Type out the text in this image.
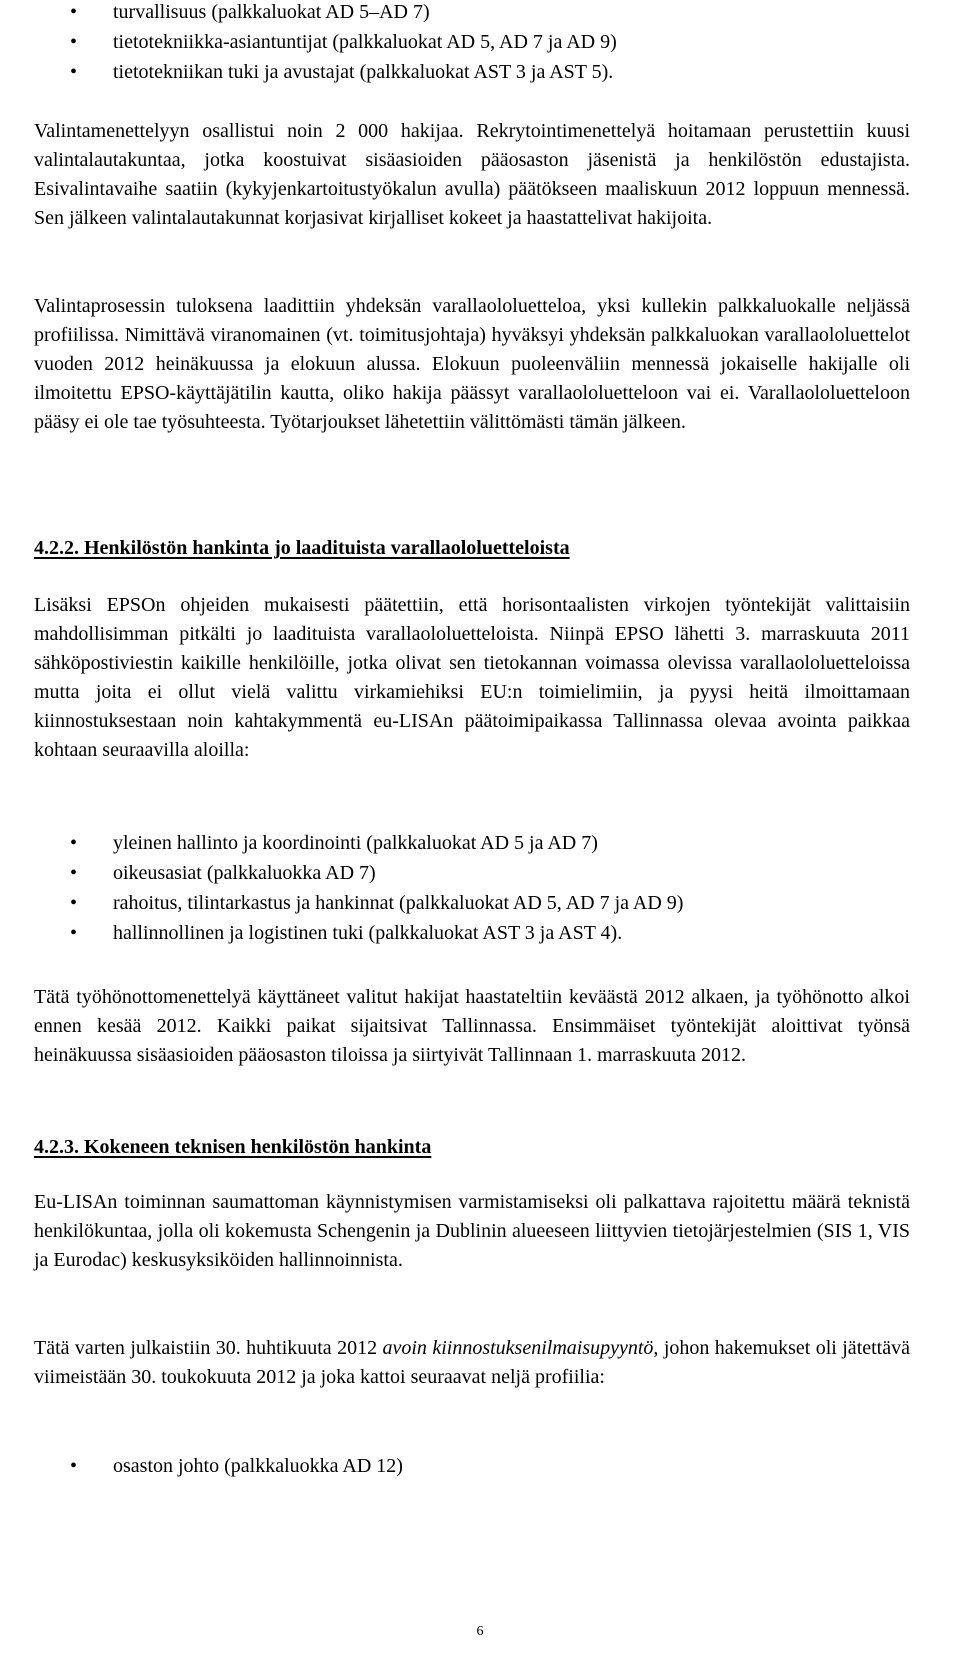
• turvallisuus (palkkaluokat AD 5–AD 7)
• tietotekniikka-asiantuntijat (palkkaluokat AD 5, AD 7 ja AD 9)
• tietotekniikan tuki ja avustajat (palkkaluokat AST 3 ja AST 5).

Valintamenettelyyn osallistui noin 2 000 hakijaa. Rekrytointimenettelyä hoitamaan perustettiin kuusi valintalautakuntaa, jotka koostuivat sisäasioiden pääosaston jäsenistä ja henkilöstön edustajista. Esivalintavaihe saatiin (kykyjenkartoitustyökalun avulla) päätökseen maaliskuun 2012 loppuun mennessä. Sen jälkeen valintalautakunnat korjasivat kirjalliset kokeet ja haastattelivat hakijoita.

Valintaprosessin tuloksena laadittiin yhdeksän varallaololuetteloa, yksi kullekin palkkaluokalle neljässä profiilissa. Nimittävä viranomainen (vt. toimitusjohtaja) hyväksyi yhdeksän palkkaluokan varallaololuettelot vuoden 2012 heinäkuussa ja elokuun alussa. Elokuun puoleenväliin mennessä jokaiselle hakijalle oli ilmoitettu EPSO-käyttäjätilin kautta, oliko hakija päässyt varallaololuetteloon vai ei. Varallaololuetteloon pääsy ei ole tae työsuhteesta. Työtarjoukset lähetettiin välittömästi tämän jälkeen.

4.2.2. Henkilöstön hankinta jo laadituista varallaololuetteloista

Lisäksi EPSOn ohjeiden mukaisesti päätettiin, että horisontaalisten virkojen työntekijät valittaisiin mahdollisimman pitkälti jo laadituista varallaololuetteloista. Niinpä EPSO lähetti 3. marraskuuta 2011 sähköpostiviestin kaikille henkilöille, jotka olivat sen tietokannan voimassa olevissa varallaololuetteloissa mutta joita ei ollut vielä valittu virkamiehiksi EU:n toimielimiin, ja pyysi heitä ilmoittamaan kiinnostuksestaan noin kahtakymmentä eu-LISAn päätoimipaikassa Tallinnassa olevaa avointa paikkaa kohtaan seuraavilla aloilla:

• yleinen hallinto ja koordinointi (palkkaluokat AD 5 ja AD 7)
• oikeusasiat (palkkaluokka AD 7)
• rahoitus, tilintarkastus ja hankinnat (palkkaluokat AD 5, AD 7 ja AD 9)
• hallinnollinen ja logistinen tuki (palkkaluokat AST 3 ja AST 4).

Tätä työhönottomenettelyä käyttäneet valitut hakijat haastateltiin keväästä 2012 alkaen, ja työhönotto alkoi ennen kesää 2012. Kaikki paikat sijaitsivat Tallinnassa. Ensimmäiset työntekijät aloittivat työnsä heinäkuussa sisäasioiden pääosaston tiloissa ja siirtyivät Tallinnaan 1. marraskuuta 2012.

4.2.3. Kokeneen teknisen henkilöstön hankinta

Eu-LISAn toiminnan saumattoman käynnistymisen varmistamiseksi oli palkattava rajoitettu määrä teknistä henkilökuntaa, jolla oli kokemusta Schengenin ja Dublinin alueeseen liittyvien tietojärjestelmien (SIS 1, VIS ja Eurodac) keskusyksiköiden hallinnoinnista.

Tätä varten julkaistiin 30. huhtikuuta 2012 avoin kiinnostuksenilmaisupyyntö, johon hakemukset oli jätettävä viimeistään 30. toukokuuta 2012 ja joka kattoi seuraavat neljä profiilia:

• osaston johto (palkkaluokka AD 12)
6
